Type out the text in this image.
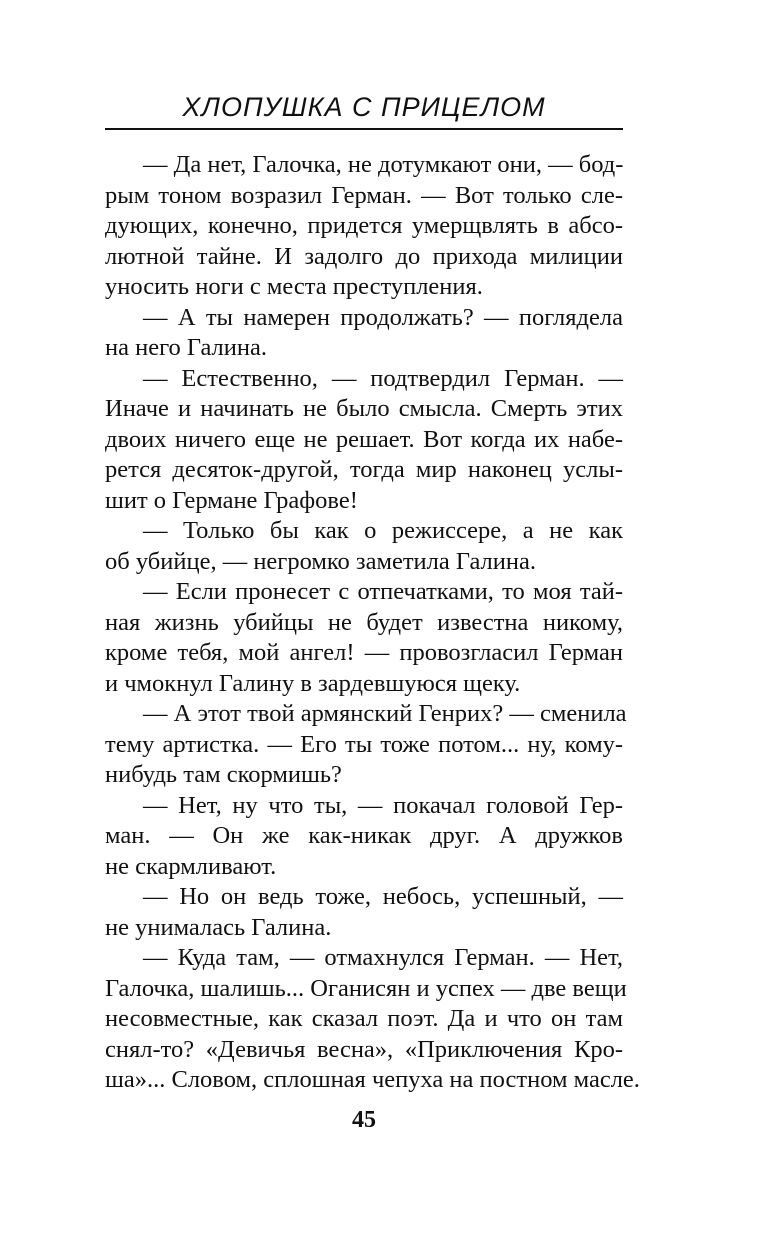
ХЛОПУШКА С ПРИЦЕЛОМ
— Да нет, Галочка, не дотумкают они, — бод-
рым тоном возразил Герман. — Вот только сле-
дующих, конечно, придется умерщвлять в абсо-
лютной тайне. И задолго до прихода милиции
уносить ноги с места преступления.
— А ты намерен продолжать? — поглядела
на него Галина.
— Естественно, — подтвердил Герман. —
Иначе и начинать не было смысла. Смерть этих
двоих ничего еще не решает. Вот когда их набе-
рется десяток-другой, тогда мир наконец услы-
шит о Германе Графове!
— Только бы как о режиссере, а не как
об убийце, — негромко заметила Галина.
— Если пронесет с отпечатками, то моя тай-
ная жизнь убийцы не будет известна никому,
кроме тебя, мой ангел! — провозгласил Герман
и чмокнул Галину в зардевшуюся щеку.
— А этот твой армянский Генрих? — сменила
тему артистка. — Его ты тоже потом... ну, кому-
нибудь там скормишь?
— Нет, ну что ты, — покачал головой Гер-
ман. — Он же как-никак друг. А дружков
не скармливают.
— Но он ведь тоже, небось, успешный, —
не унималась Галина.
— Куда там, — отмахнулся Герман. — Нет,
Галочка, шалишь... Оганисян и успех — две вещи
несовместные, как сказал поэт. Да и что он там
снял-то? «Девичья весна», «Приключения Кро-
ша»... Словом, сплошная чепуха на постном масле.
45
